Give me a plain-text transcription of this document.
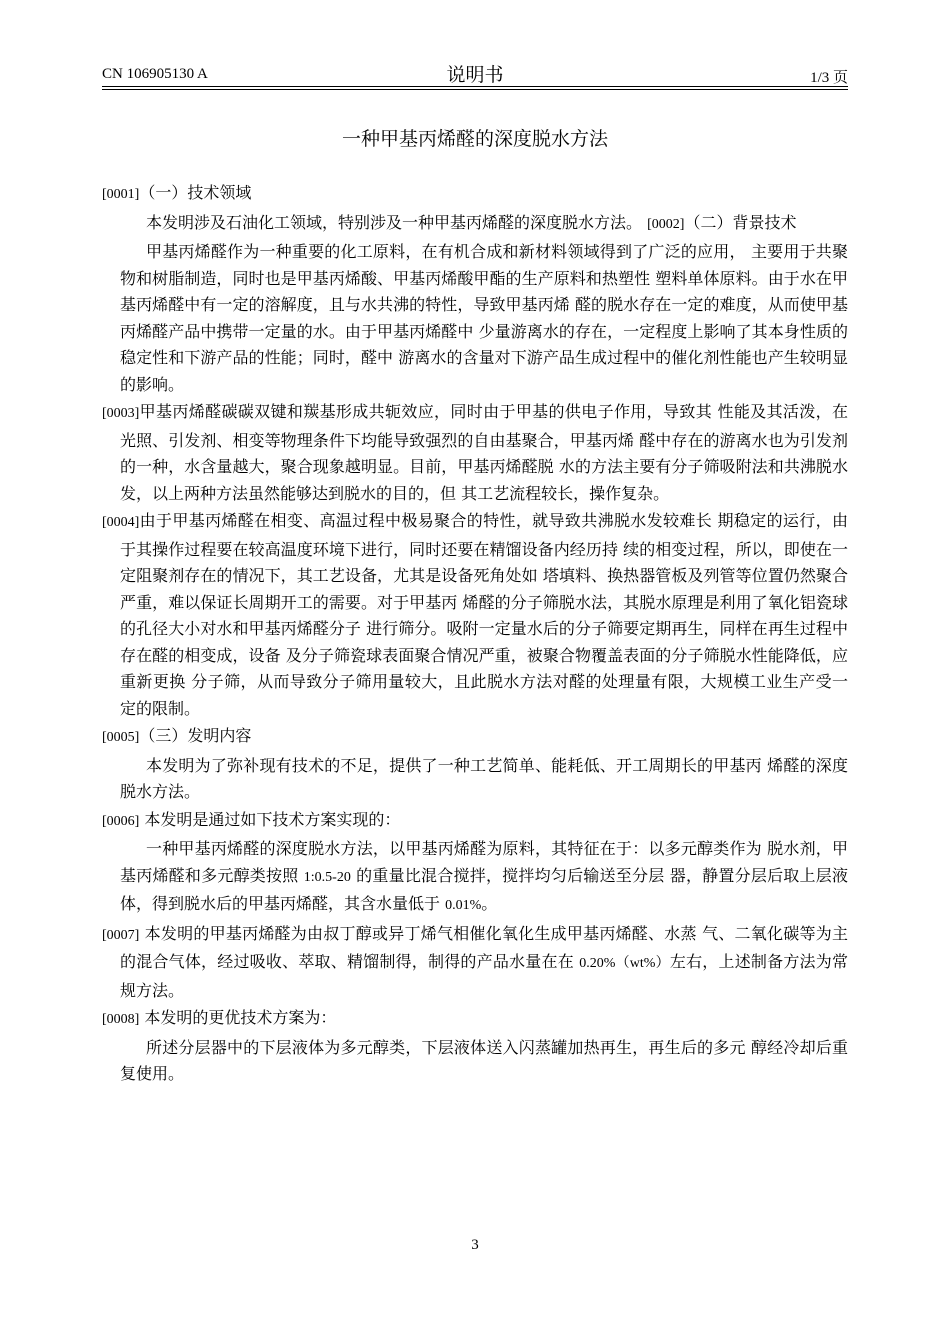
CN 106905130 A	说明书	1/3 页
一种甲基丙烯醛的深度脱水方法

[0001]（一）技术领域

本发明涉及石油化工领域，特别涉及一种甲基丙烯醛的深度脱水方法。 [0002]（二）背景技术

甲基丙烯醛作为一种重要的化工原料，在有机合成和新材料领域得到了广泛的应用， 主要用于共聚物和树脂制造，同时也是甲基丙烯酸、甲基丙烯酸甲酯的生产原料和热塑性 塑料单体原料。由于水在甲基丙烯醛中有一定的溶解度，且与水共沸的特性，导致甲基丙烯 醛的脱水存在一定的难度，从而使甲基丙烯醛产品中携带一定量的水。由于甲基丙烯醛中 少量游离水的存在，一定程度上影响了其本身性质的稳定性和下游产品的性能；同时，醛中 游离水的含量对下游产品生成过程中的催化剂性能也产生较明显的影响。

[0003]甲基丙烯醛碳碳双键和羰基形成共轭效应，同时由于甲基的供电子作用，导致其 性能及其活泼，在光照、引发剂、相变等物理条件下均能导致强烈的自由基聚合，甲基丙烯 醛中存在的游离水也为引发剂的一种，水含量越大，聚合现象越明显。目前，甲基丙烯醛脱 水的方法主要有分子筛吸附法和共沸脱水发，以上两种方法虽然能够达到脱水的目的，但 其工艺流程较长，操作复杂。

[0004]由于甲基丙烯醛在相变、高温过程中极易聚合的特性，就导致共沸脱水发较难长 期稳定的运行，由于其操作过程要在较高温度环境下进行，同时还要在精馏设备内经历持 续的相变过程，所以，即使在一定阻聚剂存在的情况下，其工艺设备，尤其是设备死角处如 塔填料、换热器管板及列管等位置仍然聚合严重，难以保证长周期开工的需要。对于甲基丙 烯醛的分子筛脱水法，其脱水原理是利用了氧化铝瓷球的孔径大小对水和甲基丙烯醛分子 进行筛分。吸附一定量水后的分子筛要定期再生，同样在再生过程中存在醛的相变成，设备 及分子筛瓷球表面聚合情况严重，被聚合物覆盖表面的分子筛脱水性能降低，应重新更换 分子筛，从而导致分子筛用量较大，且此脱水方法对醛的处理量有限，大规模工业生产受一 定的限制。

[0005]（三）发明内容

本发明为了弥补现有技术的不足，提供了一种工艺简单、能耗低、开工周期长的甲基丙 烯醛的深度脱水方法。

[0006] 本发明是通过如下技术方案实现的：

一种甲基丙烯醛的深度脱水方法，以甲基丙烯醛为原料，其特征在于：以多元醇类作为 脱水剂，甲基丙烯醛和多元醇类按照 1:0.5-20 的重量比混合搅拌，搅拌均匀后输送至分层 器，静置分层后取上层液体，得到脱水后的甲基丙烯醛，其含水量低于 0.01%。

[0007] 本发明的甲基丙烯醛为由叔丁醇或异丁烯气相催化氧化生成甲基丙烯醛、水蒸 气、二氧化碳等为主的混合气体，经过吸收、萃取、精馏制得，制得的产品水量在在 0.20%（wt%）左右，上述制备方法为常规方法。

[0008] 本发明的更优技术方案为：

所述分层器中的下层液体为多元醇类，下层液体送入闪蒸罐加热再生，再生后的多元 醇经冷却后重复使用。

3
